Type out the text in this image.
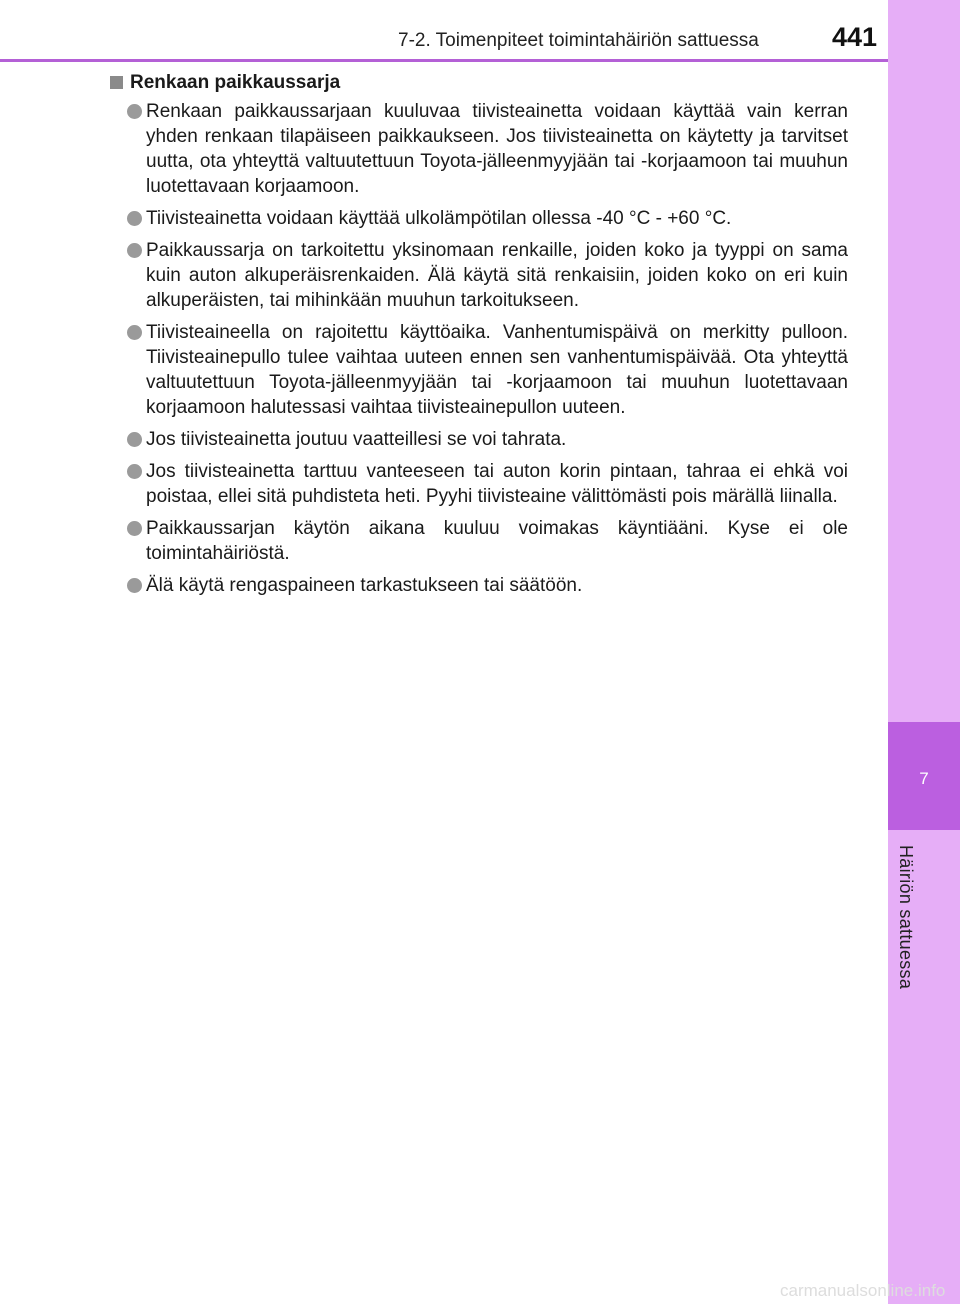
7-2. Toimenpiteet toimintahäiriön sattuessa	441
7
Häiriön sattuessa
Renkaan paikkaussarja
Renkaan paikkaussarjaan kuuluvaa tiivisteainetta voidaan käyttää vain kerran yhden renkaan tilapäiseen paikkaukseen. Jos tiivisteainetta on käytetty ja tarvitset uutta, ota yhteyttä valtuutettuun Toyota-jälleenmyyjään tai -korjaamoon tai muuhun luotettavaan korjaamoon.
Tiivisteainetta voidaan käyttää ulkolämpötilan ollessa -40 °C - +60 °C.
Paikkaussarja on tarkoitettu yksinomaan renkaille, joiden koko ja tyyppi on sama kuin auton alkuperäisrenkaiden. Älä käytä sitä renkaisiin, joiden koko on eri kuin alkuperäisten, tai mihinkään muuhun tarkoitukseen.
Tiivisteaineella on rajoitettu käyttöaika. Vanhentumispäivä on merkitty pulloon. Tiivisteainepullo tulee vaihtaa uuteen ennen sen vanhentumispäivää. Ota yhteyttä valtuutettuun Toyota-jälleenmyyjään tai -korjaamoon tai muuhun luotettavaan korjaamoon halutessasi vaihtaa tiivisteainepullon uuteen.
Jos tiivisteainetta joutuu vaatteillesi se voi tahrata.
Jos tiivisteainetta tarttuu vanteeseen tai auton korin pintaan, tahraa ei ehkä voi poistaa, ellei sitä puhdisteta heti. Pyyhi tiivisteaine välittömästi pois märällä liinalla.
Paikkaussarjan käytön aikana kuuluu voimakas käyntiääni. Kyse ei ole toimintahäiriöstä.
Älä käytä rengaspaineen tarkastukseen tai säätöön.
carmanualsonline.info
